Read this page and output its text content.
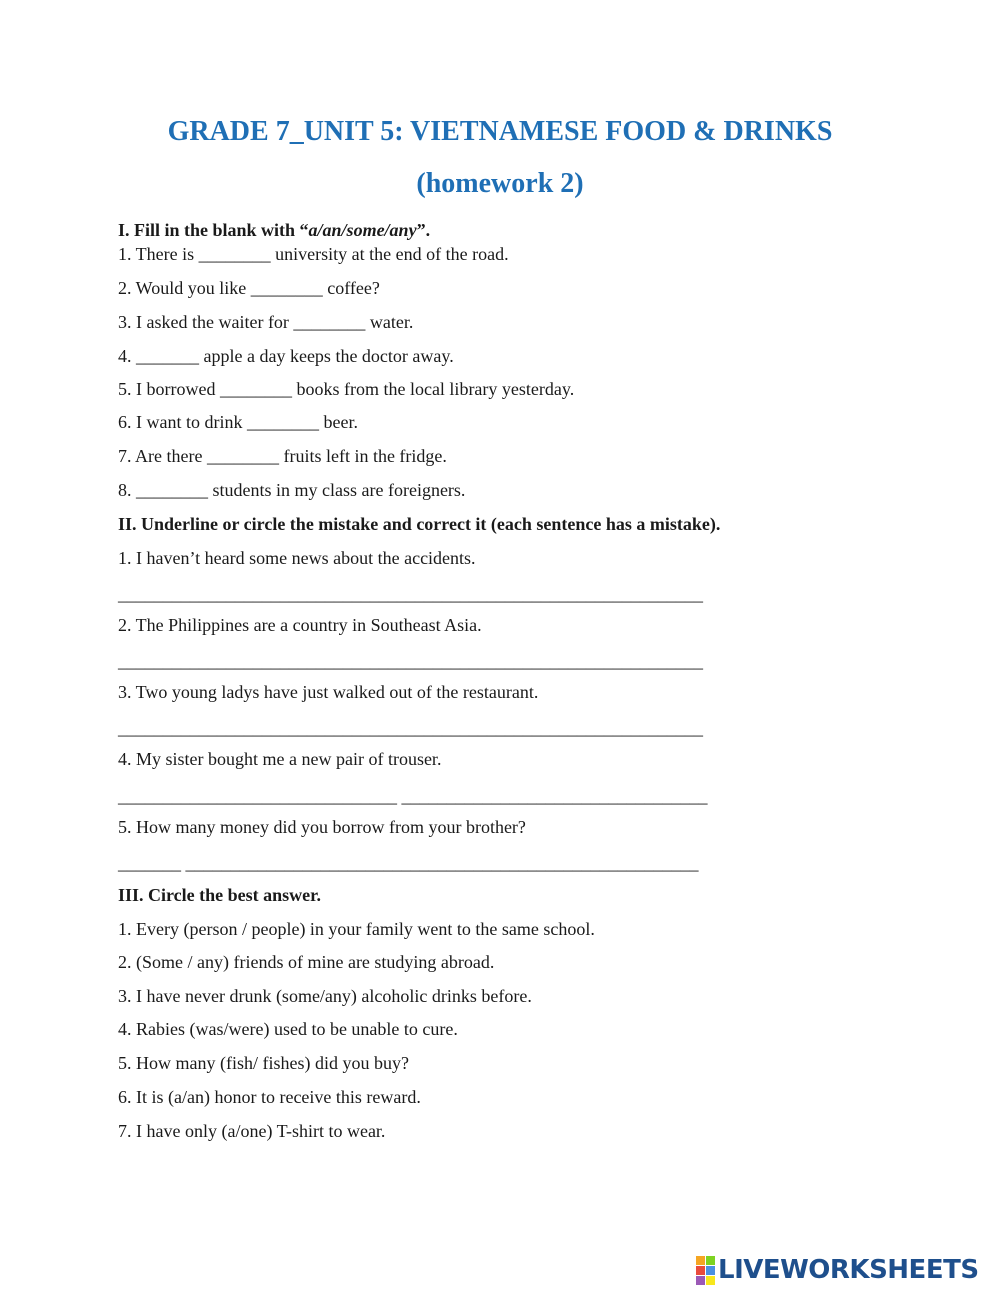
GRADE 7_UNIT 5: VIETNAMESE FOOD & DRINKS
(homework 2)
I. Fill in the blank with “a/an/some/any”.
1. There is ________ university at the end of the road.
2. Would you like ________ coffee?
3. I asked the waiter for ________ water.
4. _______ apple a day keeps the doctor away.
5. I borrowed ________ books from the local library yesterday.
6. I want to drink ________ beer.
7. Are there ________ fruits left in the fridge.
8. ________ students in my class are foreigners.
II. Underline or circle the mistake and correct it (each sentence has a mistake).
1. I haven’t heard some news about the accidents.
_________________________________________________________________
2. The Philippines are a country in Southeast Asia.
_________________________________________________________________
3. Two young ladys have just walked out of the restaurant.
_________________________________________________________________
4. My sister bought me a new pair of trouser.
_______________________________ __________________________________
5. How many money did you borrow from your brother?
_______ _________________________________________________________
III. Circle the best answer.
1. Every (person / people) in your family went to the same school.
2. (Some / any) friends of mine are studying abroad.
3. I have never drunk (some/any) alcoholic drinks before.
4. Rabies (was/were) used to be unable to cure.
5. How many (fish/ fishes) did you buy?
6. It is (a/an) honor to receive this reward.
7. I have only (a/one) T-shirt to wear.
LIVEWORKSHEETS
